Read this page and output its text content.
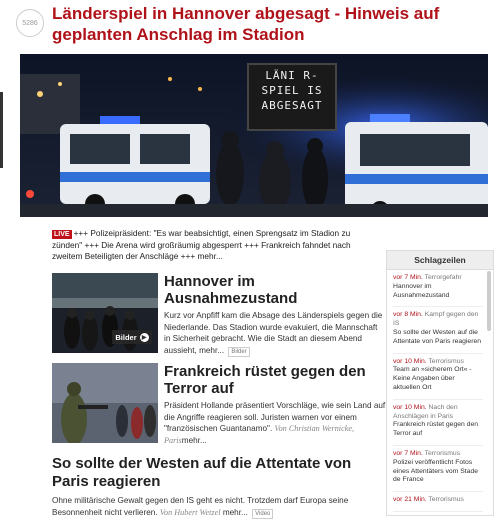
5286 Länderspiel in Hannover abgesagt - Hinweis auf geplanten Anschlag im Stadion
LÄNI R-
SPIEL IS
ABGESAGT
LIVE +++ Polizeipräsident: "Es war beabsichtigt, einen Sprengsatz im Stadion zu zünden" +++ Die Arena wird großräumig abgesperrt +++ Frankreich fahndet nach zweitem Beteiligten der Anschläge +++ mehr...
Bilder ▶
Hannover im Ausnahmezustand
Kurz vor Anpfiff kam die Absage des Länderspiels gegen die Niederlande. Das Stadion wurde evakuiert, die Mannschaft in Sicherheit gebracht. Wie die Stadt an diesem Abend aussieht, mehr... Bilder
Frankreich rüstet gegen den Terror auf
Präsident Hollande präsentiert Vorschläge, wie sein Land auf die Angriffe reagieren soll. Juristen warnen vor einem "französischen Guantanamo". Von Christian Wernicke, Parismehr...
So sollte der Westen auf die Attentate von Paris reagieren
Ohne militärische Gewalt gegen den IS geht es nicht. Trotzdem darf Europa seine Besonnenheit nicht verlieren. Von Hubert Wetzel mehr... Video
Schlagzeilen
vor 7 Min. Terrorgefahr
Hannover im Ausnahmezustand
vor 8 Min. Kampf gegen den IS
So sollte der Westen auf die Attentate von Paris reagieren
vor 10 Min. Terrorismus
Team an »sicherem Ort« - Keine Angaben über aktuellen Ort
vor 10 Min. Nach den Anschlägen in Paris
Frankreich rüstet gegen den Terror auf
vor 7 Min. Terrorismus
Polizei veröffentlicht Fotos eines Attentäters vom Stade de France
vor 21 Min. Terrorismus
